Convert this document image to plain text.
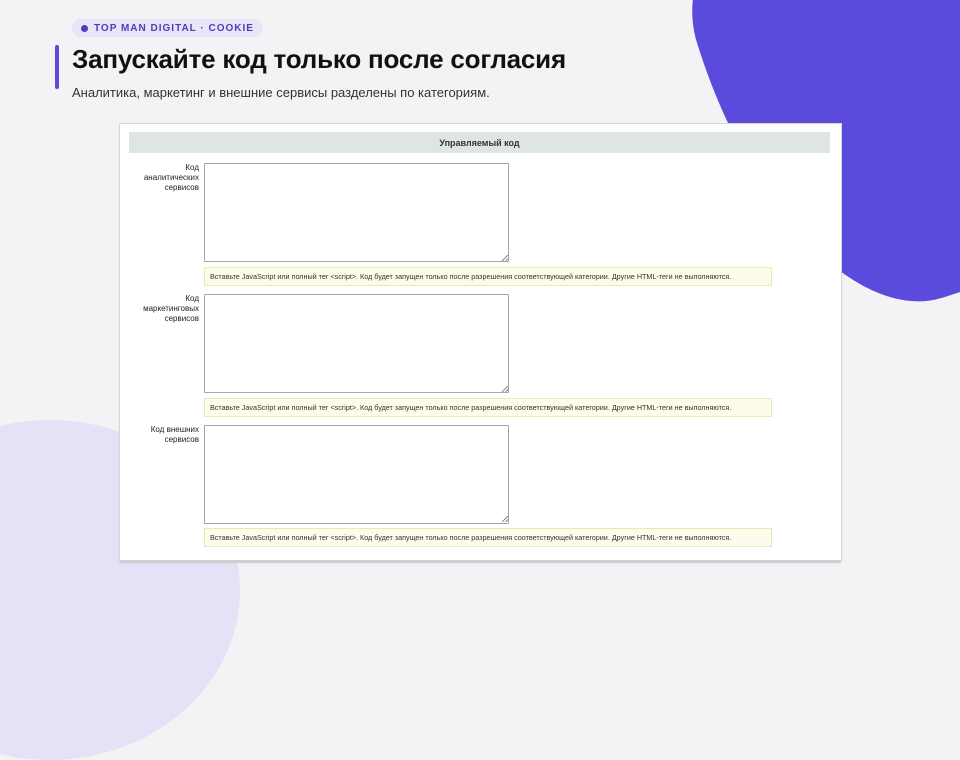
TOP MAN DIGITAL · COOKIE
Запускайте код только после согласия

Аналитика, маркетинг и внешние сервисы разделены по категориям.

Управляемый код
Код аналитических сервисов
Вставьте JavaScript или полный тег <script>. Код будет запущен только после разрешения соответствующей категории. Другие HTML-теги не выполняются.
Код маркетинговых сервисов
Вставьте JavaScript или полный тег <script>. Код будет запущен только после разрешения соответствующей категории. Другие HTML-теги не выполняются.
Код внешних сервисов
Вставьте JavaScript или полный тег <script>. Код будет запущен только после разрешения соответствующей категории. Другие HTML-теги не выполняются.
